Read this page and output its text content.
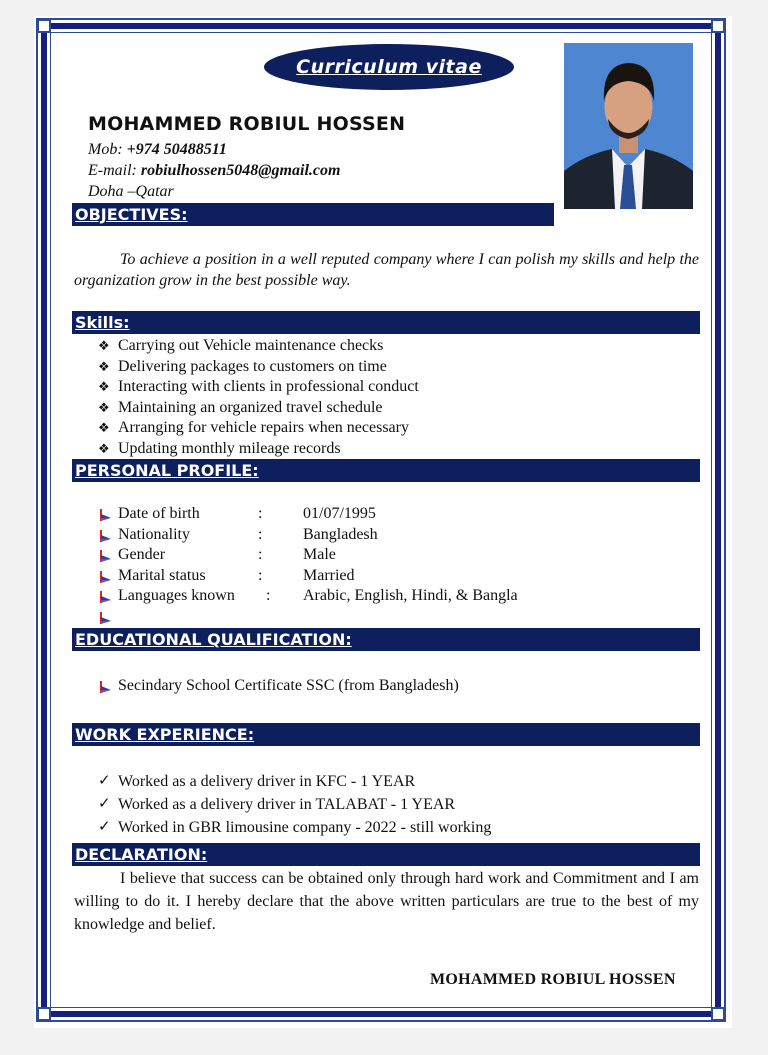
Curriculum vitae
MOHAMMED ROBIUL HOSSEN
Mob: +974 50488511
E-mail: robiulhossen5048@gmail.com
Doha –Qatar
OBJECTIVES:
To achieve a position in a well reputed company where I can polish my skills and help the organization grow in the best possible way.
Skills:
❖ Carrying out Vehicle maintenance checks
❖ Delivering packages to customers on time
❖ Interacting with clients in professional conduct
❖ Maintaining an organized travel schedule
❖ Arranging for vehicle repairs when necessary
❖ Updating monthly mileage records
PERSONAL PROFILE:
Date of birth	:	01/07/1995
Nationality	:	Bangladesh
Gender	:	Male
Marital status	:	Married
Languages known	:	Arabic, English, Hindi, & Bangla
EDUCATIONAL QUALIFICATION:
Secindary School Certificate SSC (from Bangladesh)
WORK EXPERIENCE:
✓ Worked as a delivery driver in KFC - 1 YEAR
✓ Worked as a delivery driver in TALABAT - 1 YEAR
✓ Worked in GBR limousine company - 2022 - still working
DECLARATION:
I believe that success can be obtained only through hard work and Commitment and I am willing to do it. I hereby declare that the above written particulars are true to the best of my knowledge and belief.
MOHAMMED ROBIUL HOSSEN
